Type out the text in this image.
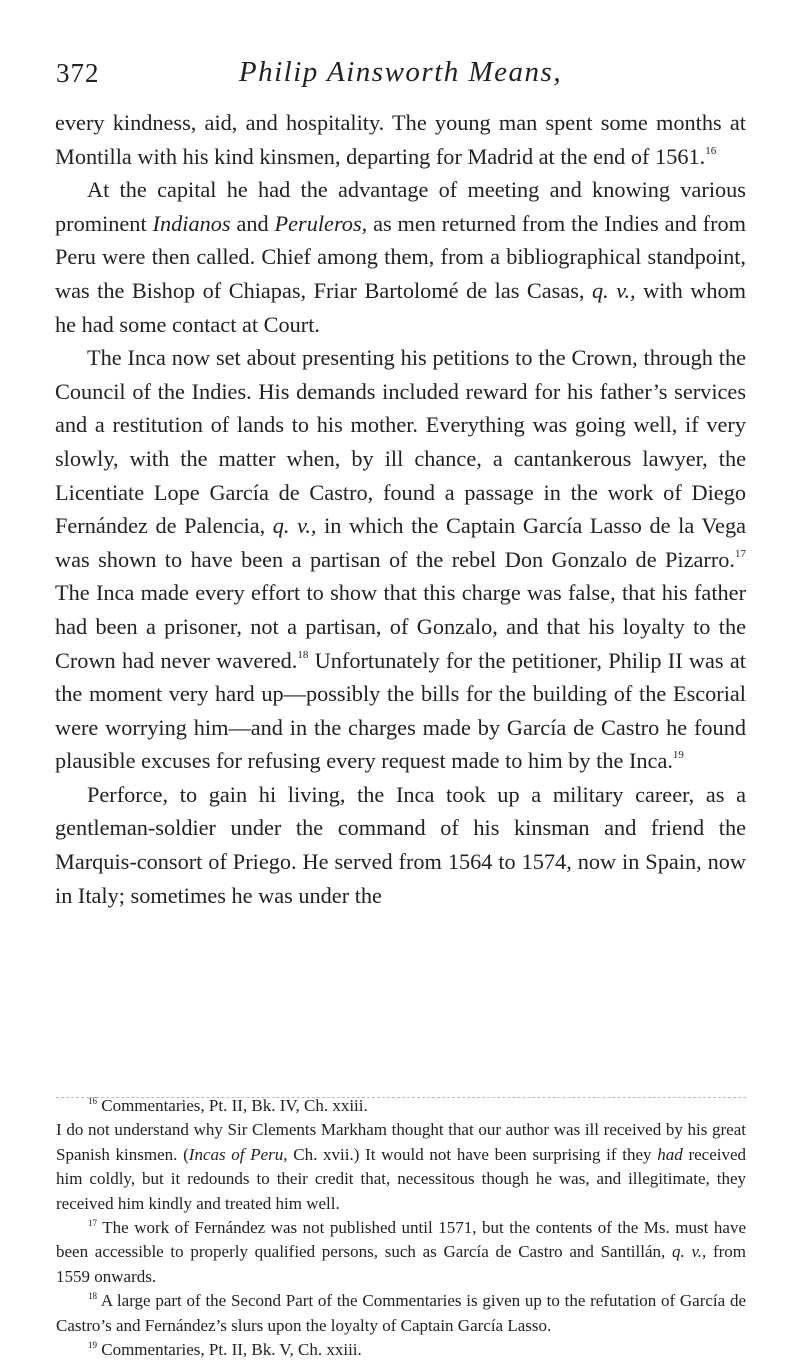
372	Philip Ainsworth Means,

every kindness, aid, and hospitality. The young man spent some months at Montilla with his kind kinsmen, departing for Madrid at the end of 1561.16

At the capital he had the advantage of meeting and knowing various prominent Indianos and Peruleros, as men returned from the Indies and from Peru were then called. Chief among them, from a bibliographical standpoint, was the Bishop of Chiapas, Friar Bartolomé de las Casas, q. v., with whom he had some contact at Court.

The Inca now set about presenting his petitions to the Crown, through the Council of the Indies. His demands included reward for his father’s services and a restitution of lands to his mother. Everything was going well, if very slowly, with the matter when, by ill chance, a cantankerous lawyer, the Licentiate Lope García de Castro, found a passage in the work of Diego Fernández de Palencia, q. v., in which the Captain García Lasso de la Vega was shown to have been a partisan of the rebel Don Gonzalo de Pizarro.$^{17}$ The Inca made every effort to show that this charge was false, that his father had been a prisoner, not a partisan, of Gonzalo, and that his loyalty to the Crown had never wavered.$^{18}$ Unfortunately for the petitioner, Philip II was at the moment very hard up—possibly the bills for the building of the Escorial were worrying him—and in the charges made by García de Castro he found plausible excuses for refusing every request made to him by the Inca.$^{19}$

Perforce, to gain hi living, the Inca took up a military career, as a gentleman-soldier under the command of his kinsman and friend the Marquis-consort of Priego. He served from 1564 to 1574, now in Spain, now in Italy; sometimes he was under the

$^{16}$ Commentaries, Pt. II, Bk. IV, Ch. xxiii.

I do not understand why Sir Clements Markham thought that our author was ill received by his great Spanish kinsmen. (Incas of Peru, Ch. xvii.) It would not have been surprising if they had received him coldly, but it redounds to their credit that, necessitous though he was, and illegitimate, they received him kindly and treated him well.

$^{17}$ The work of Fernández was not published until 1571, but the contents of the Ms. must have been accessible to properly qualified persons, such as García de Castro and Santillán, q. v., from 1559 onwards.

$^{18}$ A large part of the Second Part of the Commentaries is given up to the refutation of García de Castro’s and Fernández’s slurs upon the loyalty of Captain García Lasso.

$^{19}$ Commentaries, Pt. II, Bk. V, Ch. xxiii.
